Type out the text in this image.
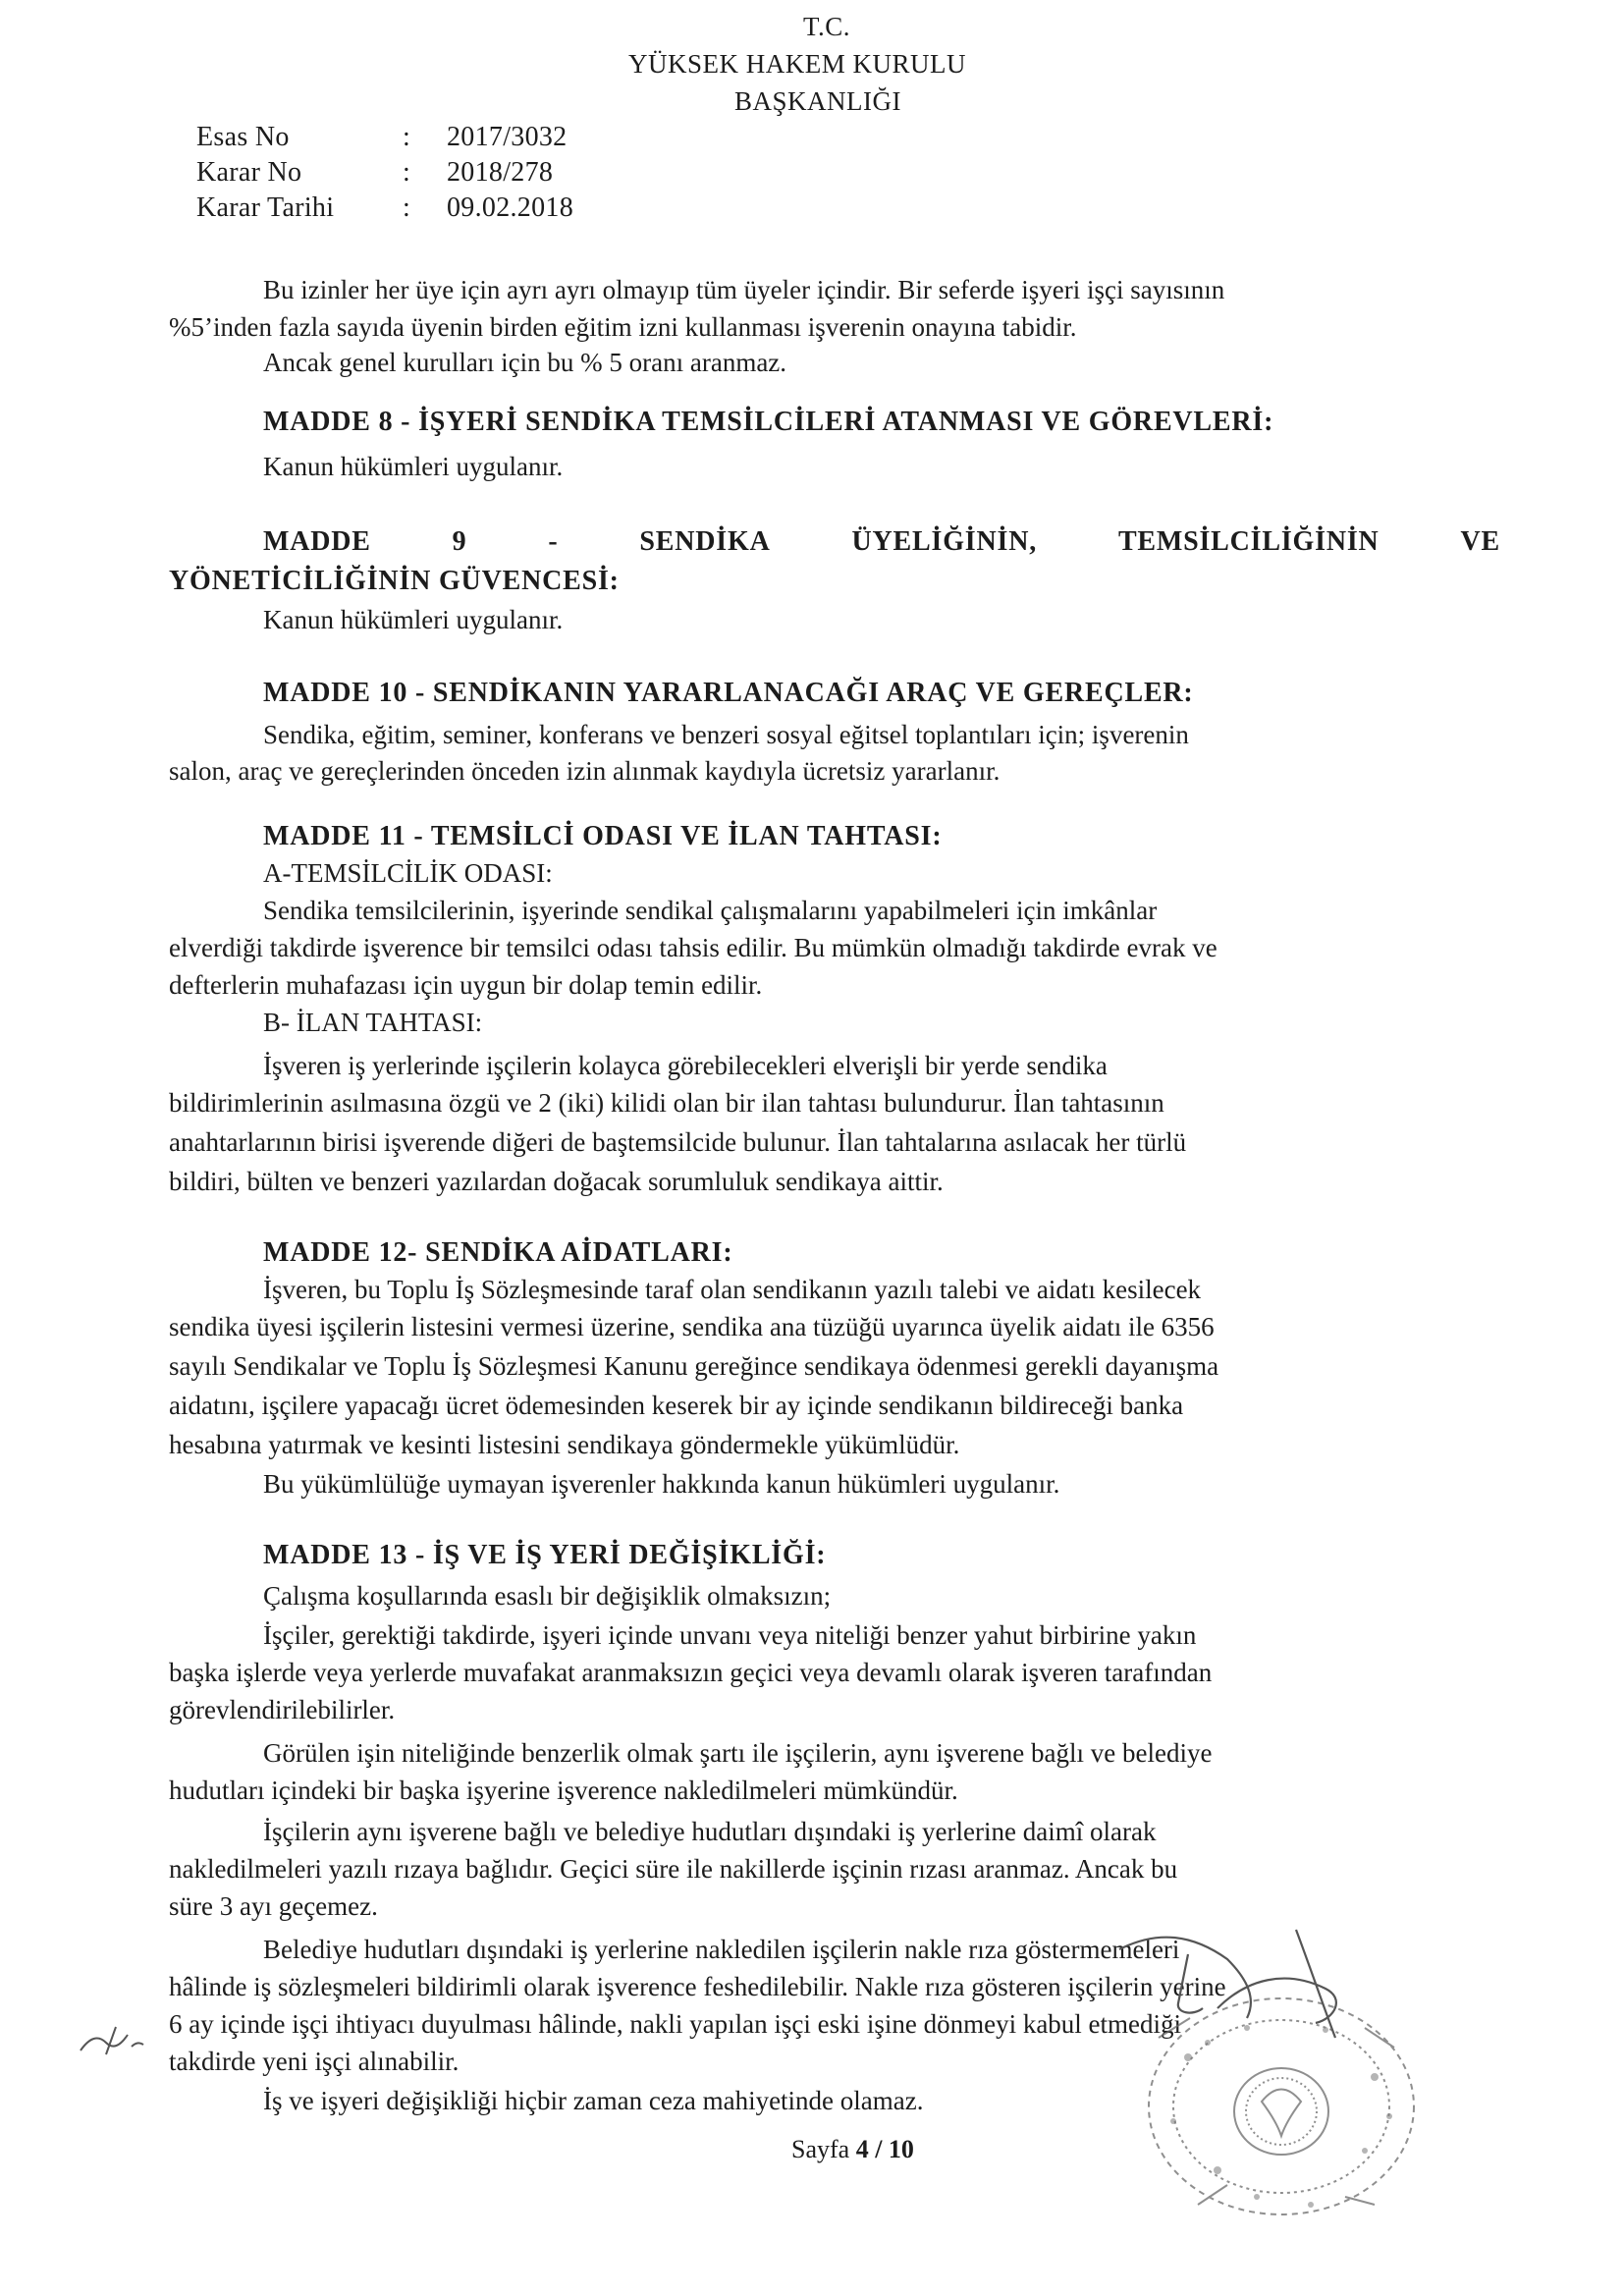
T.C.
YÜKSEK HAKEM KURULU
BAŞKANLIĞI
Esas No	: 2017/3032
Karar No	: 2018/278
Karar Tarihi : 09.02.2018
Bu izinler her üye için ayrı ayrı olmayıp tüm üyeler içindir. Bir seferde işyeri işçi sayısının
%5’inden fazla sayıda üyenin birden eğitim izni kullanması işverenin onayına tabidir.
Ancak genel kurulları için bu % 5 oranı aranmaz.
MADDE 8 - İŞYERİ SENDİKA TEMSİLCİLERİ ATANMASI VE GÖREVLERİ:
Kanun hükümleri uygulanır.
MADDE	9	-	SENDİKA	ÜYELİĞİNİN,	TEMSİLCİLİĞİNİN	VE
YÖNETİCİLİĞİNİN GÜVENCESİ:
Kanun hükümleri uygulanır.
MADDE 10 - SENDİKANIN YARARLANACAĞI ARAÇ VE GEREÇLER:
Sendika, eğitim, seminer, konferans ve benzeri sosyal eğitsel toplantıları için; işverenin
salon, araç ve gereçlerinden önceden izin alınmak kaydıyla ücretsiz yararlanır.
MADDE 11 - TEMSİLCİ ODASI VE İLAN TAHTASI:
A-TEMSİLCİLİK ODASI:
Sendika temsilcilerinin, işyerinde sendikal çalışmalarını yapabilmeleri için imkânlar
elverdiği takdirde işverence bir temsilci odası tahsis edilir. Bu mümkün olmadığı takdirde evrak ve
defterlerin muhafazası için uygun bir dolap temin edilir.
B- İLAN TAHTASI:
İşveren iş yerlerinde işçilerin kolayca görebilecekleri elverişli bir yerde sendika
bildirimlerinin asılmasına özgü ve 2 (iki) kilidi olan bir ilan tahtası bulundurur. İlan tahtasının
anahtarlarının birisi işverende diğeri de baştemsilcide bulunur. İlan tahtalarına asılacak her türlü
bildiri, bülten ve benzeri yazılardan doğacak sorumluluk sendikaya aittir.
MADDE 12- SENDİKA AİDATLARI:
İşveren, bu Toplu İş Sözleşmesinde taraf olan sendikanın yazılı talebi ve aidatı kesilecek
sendika üyesi işçilerin listesini vermesi üzerine, sendika ana tüzüğü uyarınca üyelik aidatı ile 6356
sayılı Sendikalar ve Toplu İş Sözleşmesi Kanunu gereğince sendikaya ödenmesi gerekli dayanışma
aidatını, işçilere yapacağı ücret ödemesinden keserek bir ay içinde sendikanın bildireceği banka
hesabına yatırmak ve kesinti listesini sendikaya göndermekle yükümlüdür.
Bu yükümlülüğe uymayan işverenler hakkında kanun hükümleri uygulanır.
MADDE 13 - İŞ VE İŞ YERİ DEĞİŞİKLİĞİ:
Çalışma koşullarında esaslı bir değişiklik olmaksızın;
İşçiler, gerektiği takdirde, işyeri içinde unvanı veya niteliği benzer yahut birbirine yakın
başka işlerde veya yerlerde muvafakat aranmaksızın geçici veya devamlı olarak işveren tarafından
görevlendirilebilirler.
Görülen işin niteliğinde benzerlik olmak şartı ile işçilerin, aynı işverene bağlı ve belediye
hudutları içindeki bir başka işyerine işverence nakledilmeleri mümkündür.
İşçilerin aynı işverene bağlı ve belediye hudutları dışındaki iş yerlerine daimî olarak
nakledilmeleri yazılı rızaya bağlıdır. Geçici süre ile nakillerde işçinin rızası aranmaz. Ancak bu
süre 3 ayı geçemez.
Belediye hudutları dışındaki iş yerlerine nakledilen işçilerin nakle rıza göstermemeleri
hâlinde iş sözleşmeleri bildirimli olarak işverence feshedilebilir. Nakle rıza gösteren işçilerin yerine
6 ay içinde işçi ihtiyacı duyulması hâlinde, nakli yapılan işçi eski işine dönmeyi kabul etmediği
takdirde yeni işçi alınabilir.
İş ve işyeri değişikliği hiçbir zaman ceza mahiyetinde olamaz.
Sayfa 4 / 10
